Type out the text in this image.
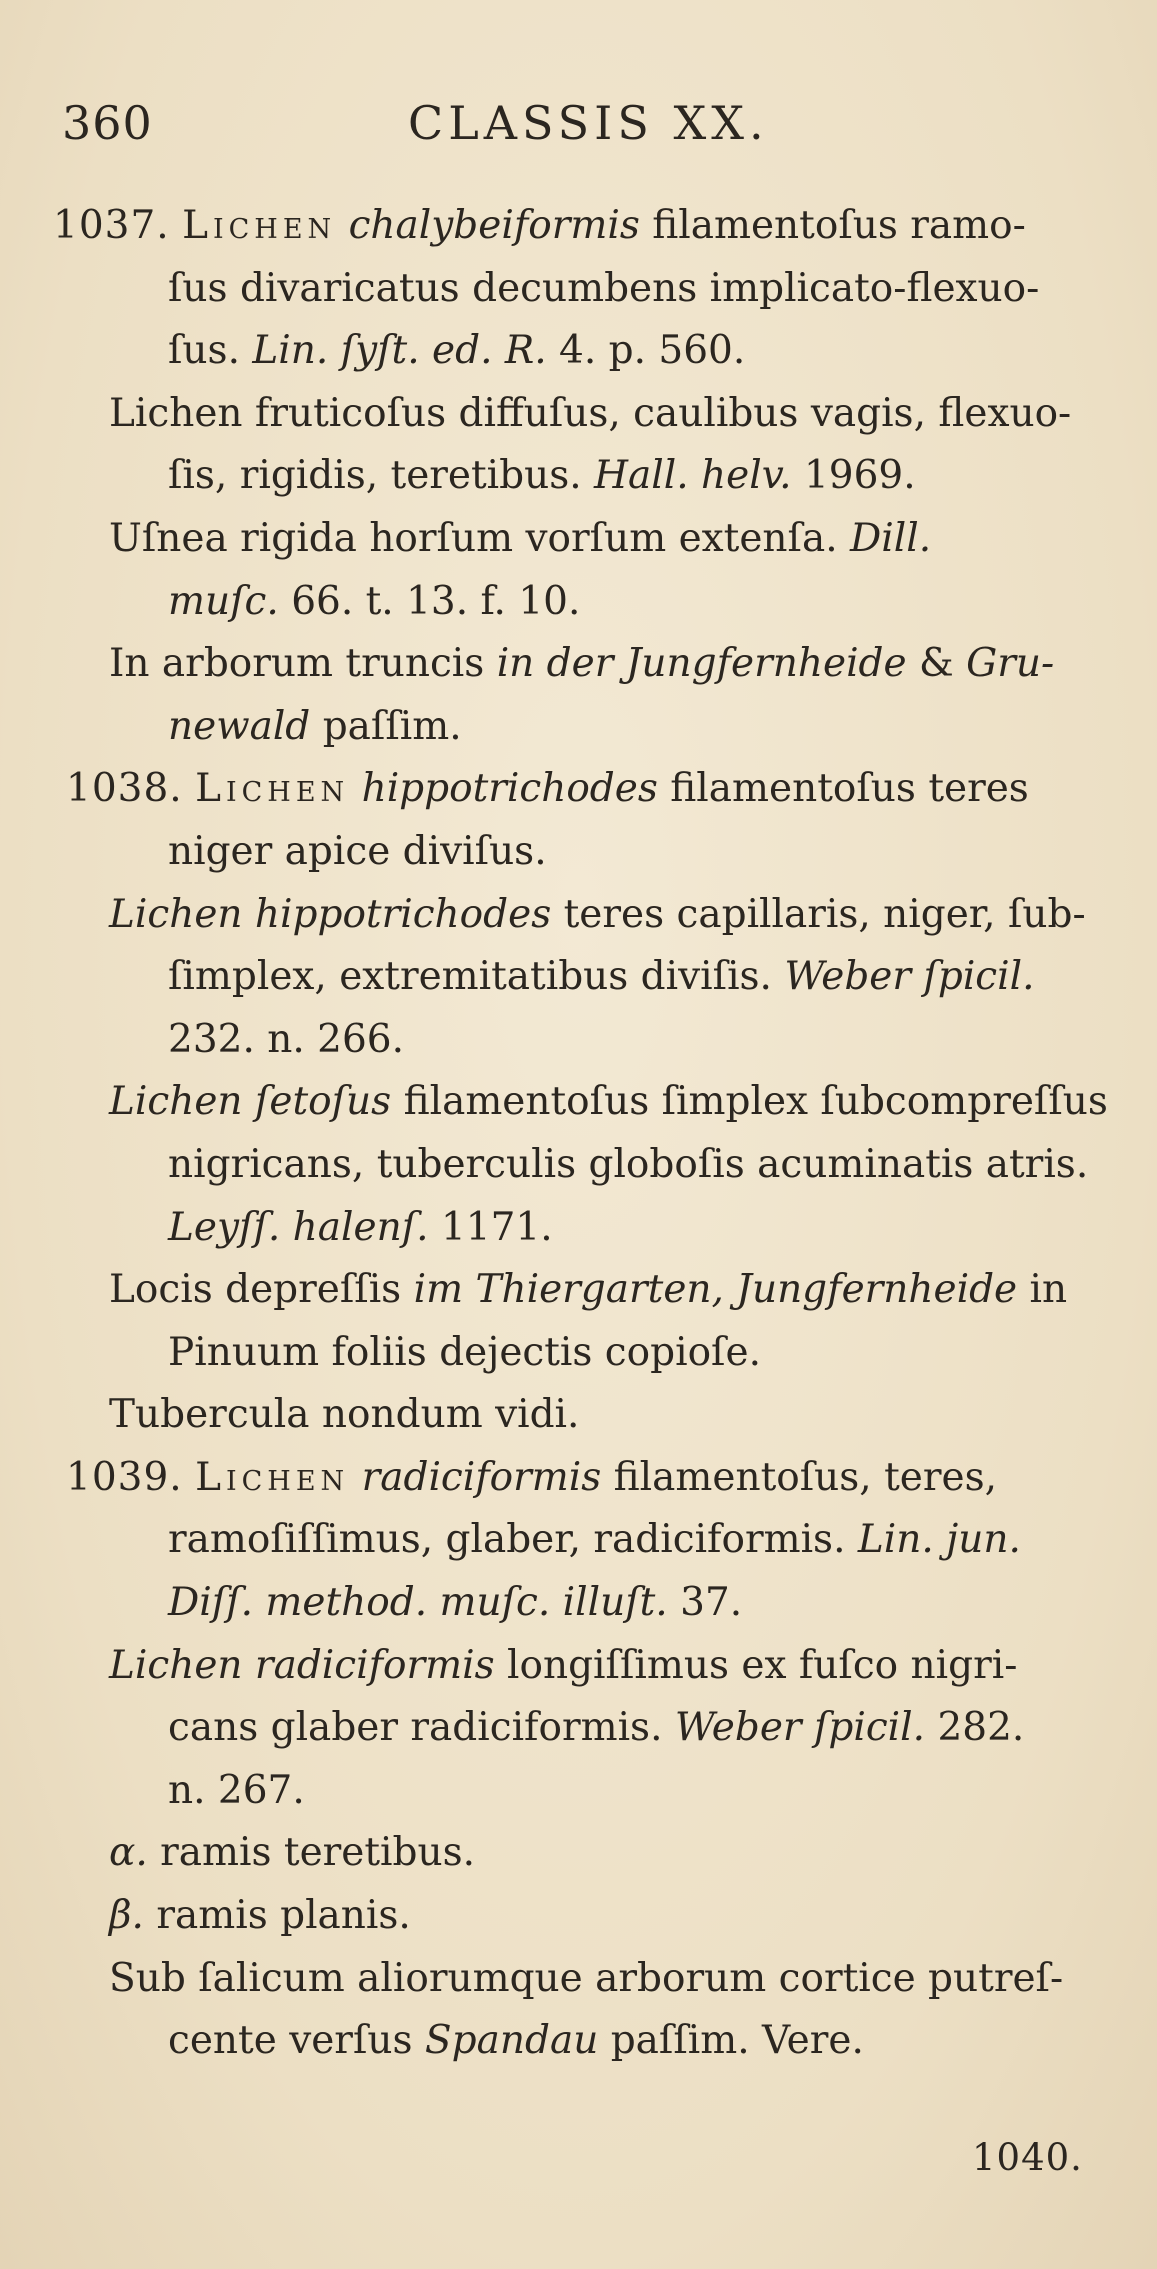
360	CLASSIS XX.
1037. Lichen chalybeiformis filamentoſus ramo-
ſus divaricatus decumbens implicato-flexuo-
ſus. Lin. ſyſt. ed. R. 4. p. 560.
Lichen fruticoſus diffuſus, caulibus vagis, flexuo-
ſis, rigidis, teretibus. Hall. helv. 1969.
Uſnea rigida horſum vorſum extenſa. Dill.
muſc. 66. t. 13. f. 10.
In arborum truncis in der Jungfernheide & Gru-
newald paſſim.
1038. Lichen hippotrichodes filamentoſus teres
niger apice diviſus.
Lichen hippotrichodes teres capillaris, niger, ſub-
ſimplex, extremitatibus diviſis. Weber ſpicil.
232. n. 266.
Lichen ſetoſus filamentoſus ſimplex ſubcompreſſus
nigricans, tuberculis globoſis acuminatis atris.
Leyſſ. halenſ. 1171.
Locis depreſſis im Thiergarten, Jungfernheide in
Pinuum foliis dejectis copioſe.
Tubercula nondum vidi.
1039. Lichen radiciformis filamentoſus, teres,
ramoſiſſimus, glaber, radiciformis. Lin. jun.
Diſſ. method. muſc. illuſt. 37.
Lichen radiciformis longiſſimus ex fuſco nigri-
cans glaber radiciformis. Weber ſpicil. 282.
n. 267.
α. ramis teretibus.
β. ramis planis.
Sub ſalicum aliorumque arborum cortice putreſ-
cente verſus Spandau paſſim. Vere.
1040.
